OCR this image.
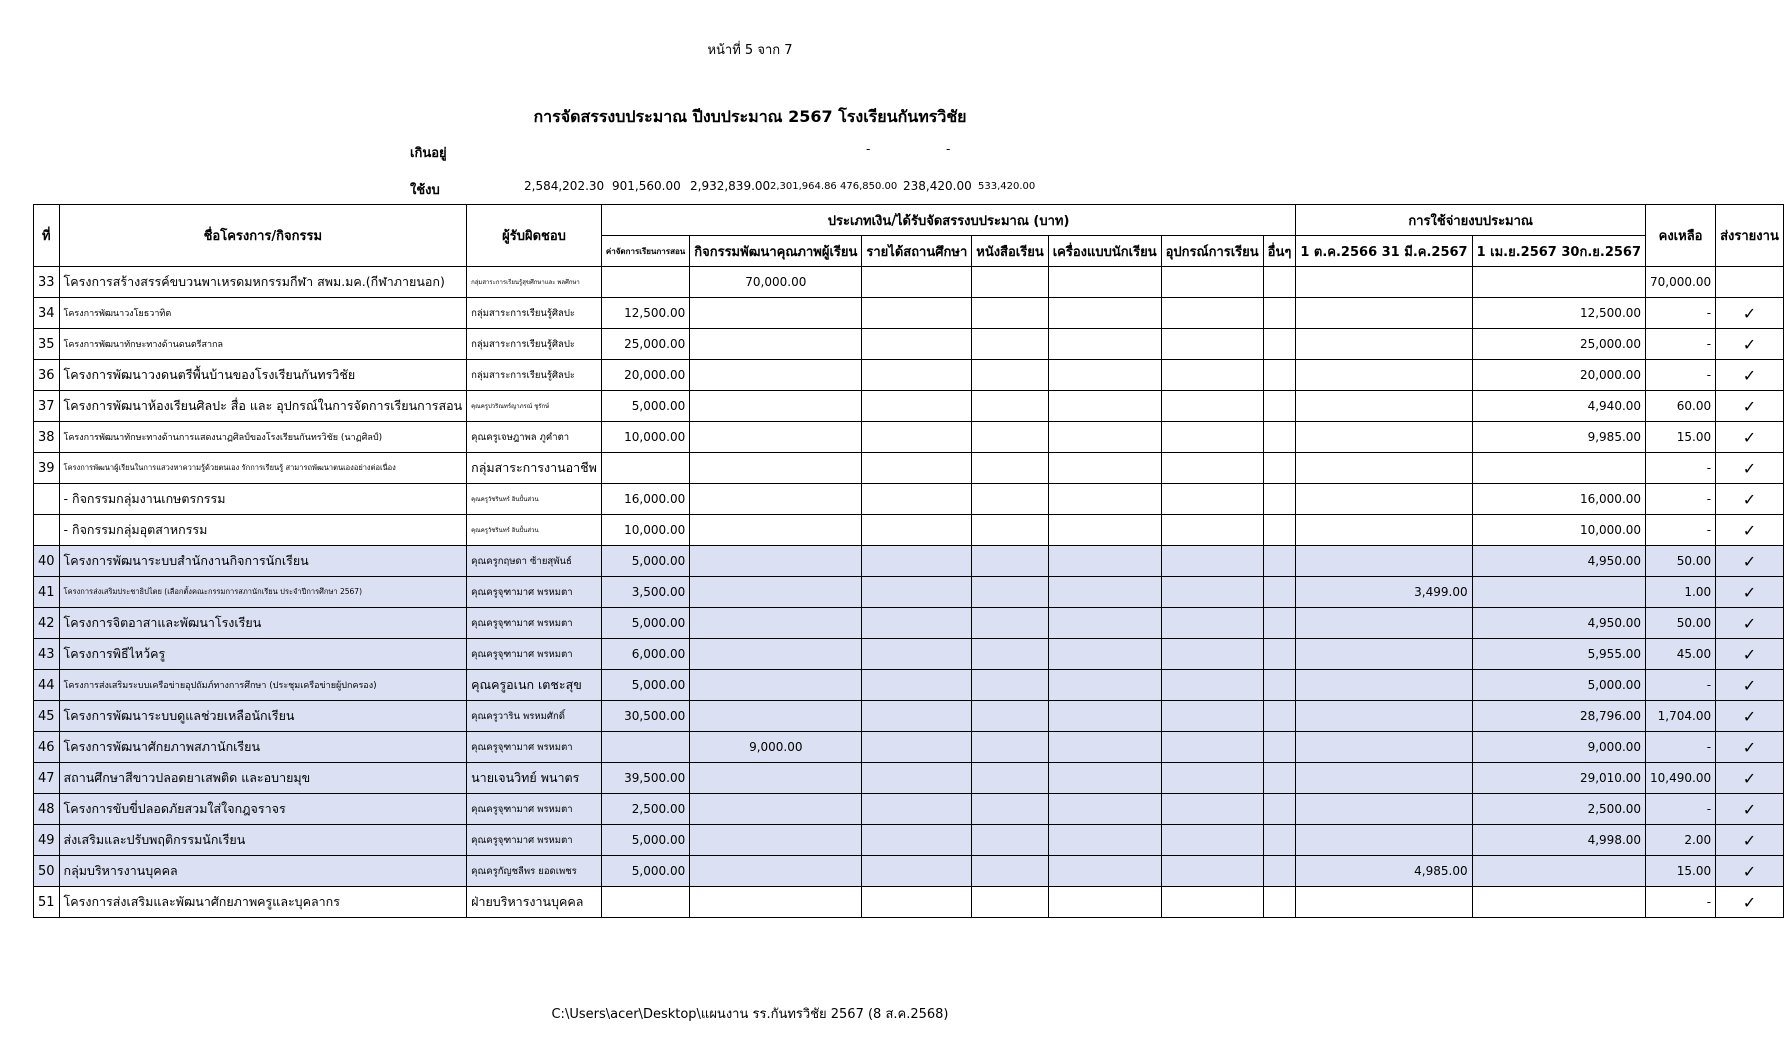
หน้าที่ 5 จาก 7
การจัดสรรงบประมาณ ปีงบประมาณ 2567 โรงเรียนกันทรวิชัย
เกินอยู่	-	-
ใช้งบ	2,584,202.30 901,560.00 2,932,839.00 2,301,964.86 476,850.00 238,420.00 533,420.00
ที่	ชื่อโครงการ/กิจกรรม	ผู้รับผิดชอบ	ประเภทเงิน/ได้รับจัดสรรงบประมาณ (บาท)							การใช้จ่ายงบประมาณ		คงเหลือ	ส่งรายงาน
			ค่าจัดการเรียนการสอน	กิจกรรมพัฒนาคุณภาพผู้เรียน	รายได้สถานศึกษา	หนังสือเรียน	เครื่องแบบนักเรียน	อุปกรณ์การเรียน	อื่นๆ	1 ต.ค.2566 31 มี.ค.2567	1 เม.ย.2567 30ก.ย.2567		
33	โครงการสร้างสรรค์ขบวนพาเหรดมหกรรมกีฬา สพม.มค.(กีฬาภายนอก)	กลุ่มสาระการเรียนรู้สุขศึกษาและ พลศึกษา		70,000.00								70,000.00	
34	โครงการพัฒนาวงโยธวาทิต	กลุ่มสาระการเรียนรู้ศิลปะ	12,500.00								12,500.00	-	✓
35	โครงการพัฒนาทักษะทางด้านดนตรีสากล	กลุ่มสาระการเรียนรู้ศิลปะ	25,000.00								25,000.00	-	✓
36	โครงการพัฒนาวงดนตรีพื้นบ้านของโรงเรียนกันทรวิชัย	กลุ่มสาระการเรียนรู้ศิลปะ	20,000.00								20,000.00	-	✓
37	โครงการพัฒนาห้องเรียนศิลปะ สื่อ และ อุปกรณ์ในการจัดการเรียนการสอน	คุณครูปวริณทร์ญาภรณ์ ชูรักษ์	5,000.00								4,940.00	60.00	✓
38	โครงการพัฒนาทักษะทางด้านการแสดงนาฏศิลป์ของโรงเรียนกันทรวิชัย (นาฏศิลป์)	คุณครูเจษฎาพล ภูคำตา	10,000.00								9,985.00	15.00	✓
39	โครงการพัฒนาผู้เรียนในการแสวงหาความรู้ด้วยตนเอง รักการเรียนรู้ สามารถพัฒนาตนเองอย่างต่อเนื่อง	กลุ่มสาระการงานอาชีพ										-	✓
	- กิจกรรมกลุ่มงานเกษตรกรรม	คุณครูวัชรินทร์ อินปั้นส่วน	16,000.00								16,000.00	-	✓
	- กิจกรรมกลุ่มอุตสาหกรรม	คุณครูวัชรินทร์ อินปั้นส่วน	10,000.00								10,000.00	-	✓
40	โครงการพัฒนาระบบสำนักงานกิจการนักเรียน	คุณครูกฤษดา ซ้ายสุพันธ์	5,000.00								4,950.00	50.00	✓
41	โครงการส่งเสริมประชาธิปไตย (เลือกตั้งคณะกรรมการสภานักเรียน ประจำปีการศึกษา 2567)	คุณครูจุฑามาศ พรหมตา	3,500.00							3,499.00		1.00	✓
42	โครงการจิตอาสาและพัฒนาโรงเรียน	คุณครูจุฑามาศ พรหมตา	5,000.00								4,950.00	50.00	✓
43	โครงการพิธีไหว้ครู	คุณครูจุฑามาศ พรหมตา	6,000.00								5,955.00	45.00	✓
44	โครงการส่งเสริมระบบเครือข่ายอุปถัมภ์ทางการศึกษา (ประชุมเครือข่ายผู้ปกครอง)	คุณครูอเนก เตชะสุข	5,000.00								5,000.00	-	✓
45	โครงการพัฒนาระบบดูแลช่วยเหลือนักเรียน	คุณครูวาริน พรหมศักดิ์	30,500.00								28,796.00	1,704.00	✓
46	โครงการพัฒนาศักยภาพสภานักเรียน	คุณครูจุฑามาศ พรหมตา		9,000.00							9,000.00	-	✓
47	สถานศึกษาสีขาวปลอดยาเสพติด และอบายมุข	นายเจนวิทย์ พนาตร	39,500.00								29,010.00	10,490.00	✓
48	โครงการขับขี่ปลอดภัยสวมใส่ใจกฎจราจร	คุณครูจุฑามาศ พรหมตา	2,500.00								2,500.00	-	✓
49	ส่งเสริมและปรับพฤติกรรมนักเรียน	คุณครูจุฑามาศ พรหมตา	5,000.00								4,998.00	2.00	✓
50	กลุ่มบริหารงานบุคคล	คุณครูกัญชลีพร ยอดเพชร	5,000.00							4,985.00		15.00	✓
51	โครงการส่งเสริมและพัฒนาศักยภาพครูและบุคลากร	ฝ่ายบริหารงานบุคคล										-	✓
C:\Users\acer\Desktop\แผนงาน รร.กันทรวิชัย 2567 (8 ส.ค.2568)
